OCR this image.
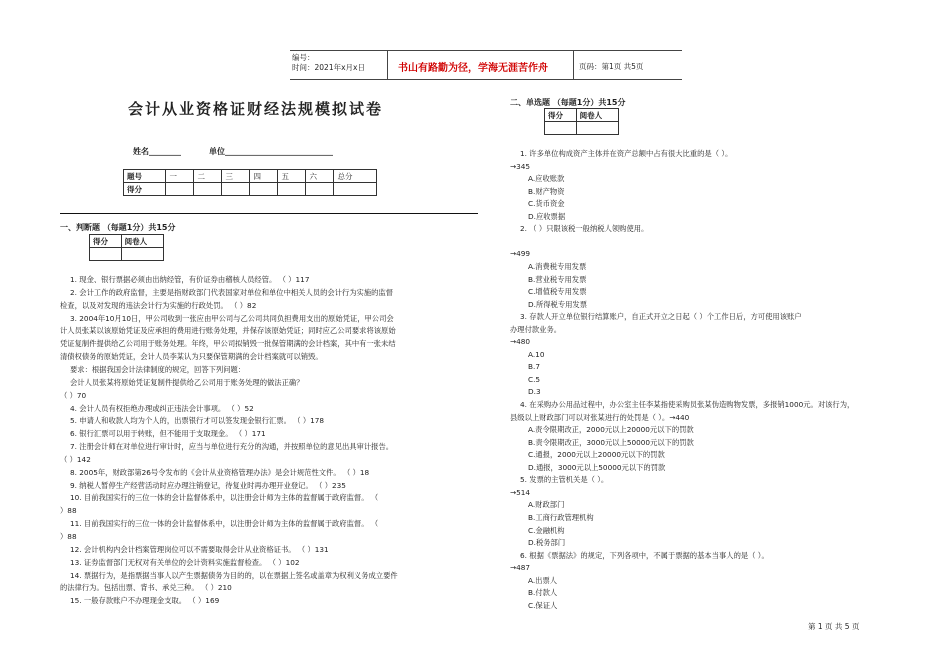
编号：
时间：2021年x月x日	书山有路勤为径，学海无涯苦作舟	页码：第1页 共5页
会计从业资格证财经法规模拟试卷
姓名________	单位___________________________
题号	一	二	三	四	五	六	总分
得分							
一、判断题 （每题1分）共15分
得分	阅卷人

1. 现金、银行票据必须由出纳经管，有价证券由稽核人员经管。 （ ）117
2. 会计工作的政府监督，主要是指财政部门代表国家对单位和单位中相关人员的会计行为实施的监督
检查，以及对发现的违法会计行为实施的行政处罚。 （ ）82
3. 2004年10月10日，甲公司收到一张应由甲公司与乙公司共同负担费用支出的原始凭证，甲公司会
计人员张某以该原始凭证及应承担的费用进行账务处理，并保存该原始凭证；同时应乙公司要求将该原始
凭证复制件提供给乙公司用于账务处理。年终，甲公司拟销毁一批保管期满的会计档案，其中有一张未结
清债权债务的原始凭证，会计人员李某认为只要保管期满的会计档案就可以销毁。
要求：根据我国会计法律制度的规定，回答下列问题：
会计人员张某将原始凭证复制件提供给乙公司用于账务处理的做法正确？
（ ）70
4. 会计人员有权拒绝办理或纠正违法会计事项。 （ ）52
5. 申请人和收款人均为个人的，出票银行才可以签发现金银行汇票。 （ ）178
6. 银行汇票可以用于转账，但不能用于支取现金。 （ ）171
7. 注册会计师在对单位进行审计时，应当与单位进行充分的沟通，并按照单位的意见出具审计报告。
（ ）142
8. 2005年，财政部第26号令发布的《会计从业资格管理办法》是会计规范性文件。 （ ）18
9. 纳税人暂停生产经营活动时应办理注销登记，待复业时再办理开业登记。 （ ）235
10. 目前我国实行的三位一体的会计监督体系中，以注册会计师为主体的监督属于政府监督。 （
）88
11. 目前我国实行的三位一体的会计监督体系中，以注册会计师为主体的监督属于政府监督。 （
）88
12. 会计机构内会计档案管理岗位可以不需要取得会计从业资格证书。 （ ）131
13. 证券监督部门无权对有关单位的会计资料实施监督检查。 （ ）102
14. 票据行为，是指票据当事人以产生票据债务为目的的，以在票据上签名或盖章为权利义务成立要件
的法律行为。包括出票、背书、承兑三种。 （ ）210
15. 一般存款账户不办理现金支取。 （ ）169
二、单选题 （每题1分）共15分
得分	阅卷人

1. 许多单位构成资产主体并在资产总额中占有很大比重的是（ ）。
→345
A.应收账款
B.财产物资
C.货币资金
D.应收票据
2. （ ）只限该税一般纳税人领购使用。
→499
A.消费税专用发票
B.营业税专用发票
C.增值税专用发票
D.所得税专用发票
3. 存款人开立单位银行结算账户，自正式开立之日起（ ）个工作日后，方可使用该账户
办理付款业务。
→480
A.10
B.7
C.5
D.3
4. 在采购办公用品过程中，办公室主任李某指使采购员张某伪造购物发票，多报销1000元。对该行为，
县级以上财政部门可以对张某进行的处罚是（ ）。→440
A.责令限期改正，2000元以上20000元以下的罚款
B.责令限期改正，3000元以上50000元以下的罚款
C.通报，2000元以上20000元以下的罚款
D.通报，3000元以上50000元以下的罚款
5. 发票的主管机关是（ ）。
→514
A.财政部门
B.工商行政管理机构
C.金融机构
D.税务部门
6. 根据《票据法》的规定，下列各项中，不属于票据的基本当事人的是（ ）。
→487
A.出票人
B.付款人
C.保证人
第 1 页 共 5 页
